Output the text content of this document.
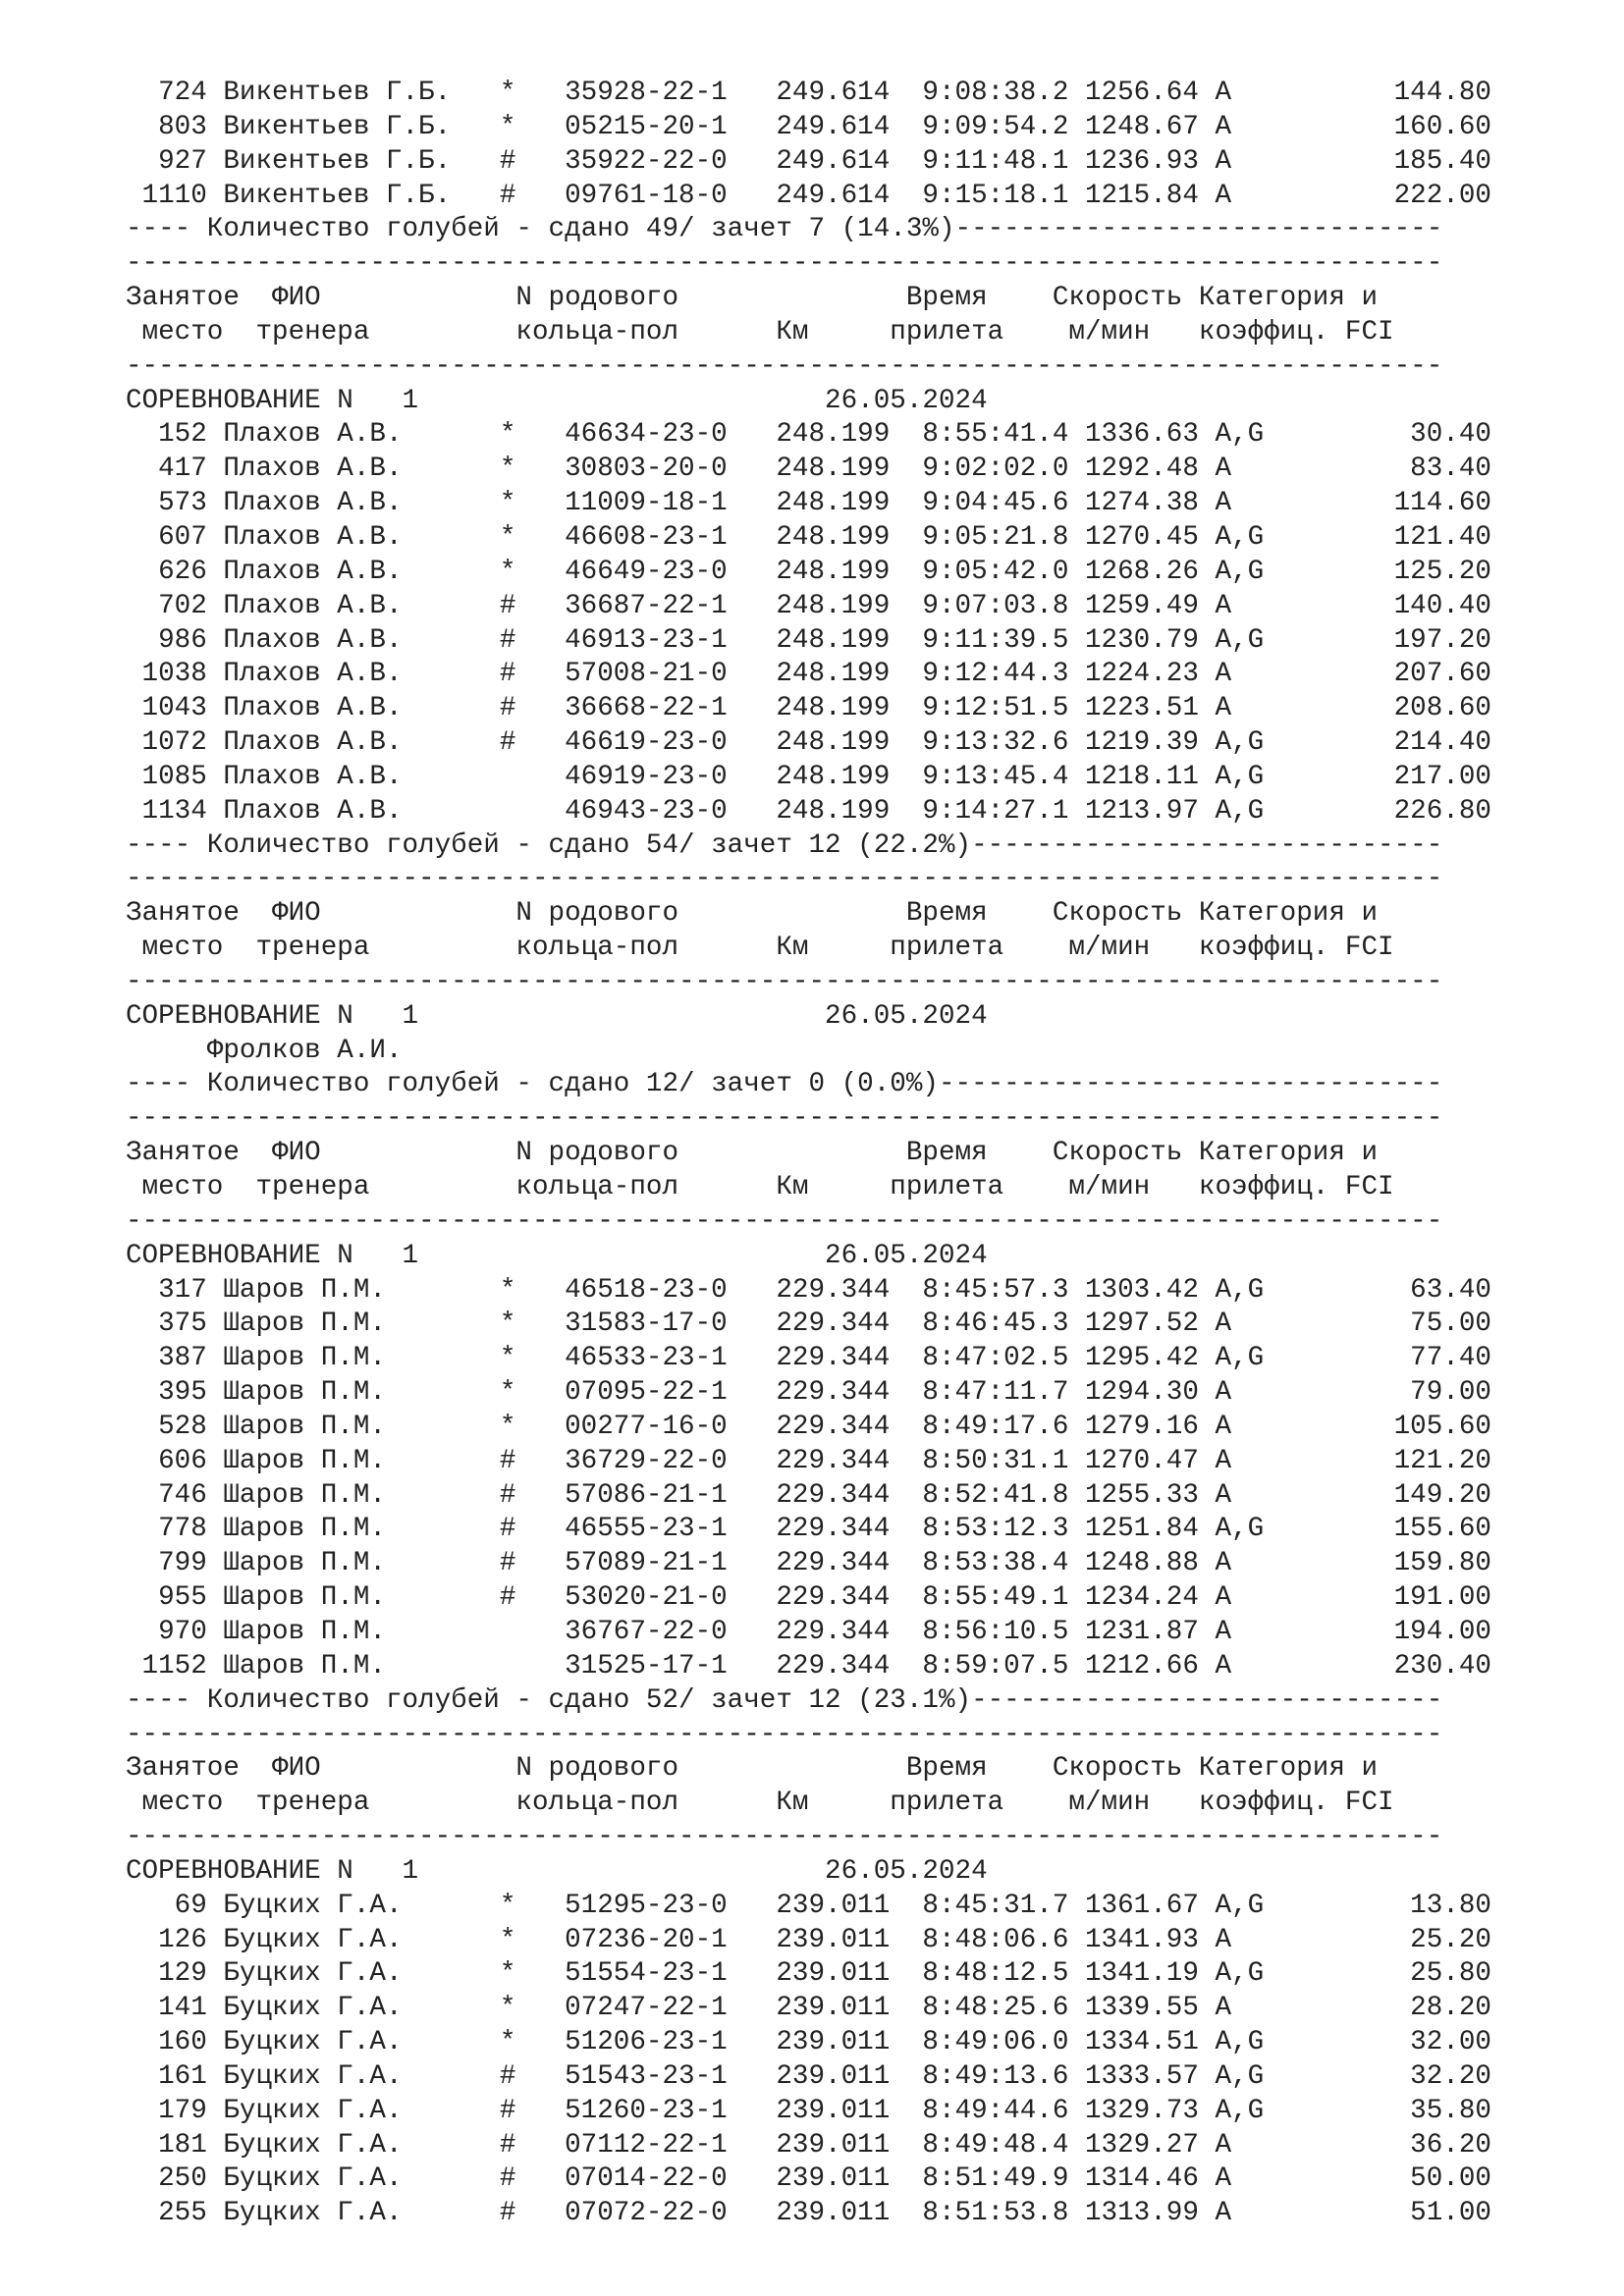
724 Викентьев Г.Б.   *   35928-22-1   249.614  9:08:38.2 1256.64 A          144.80
803 Викентьев Г.Б.   *   05215-20-1   249.614  9:09:54.2 1248.67 A          160.60
927 Викентьев Г.Б.   #   35922-22-0   249.614  9:11:48.1 1236.93 A          185.40
1110 Викентьев Г.Б.   #   09761-18-0   249.614  9:15:18.1 1215.84 A          222.00
---- Количество голубей - сдано 49/ зачет 7 (14.3%)------------------------------
---------------------------------------------------------------------------------
Занятое  ФИО            N родового              Время    Скорость Категория и
место  тренера         кольца-пол      Км     прилета    м/мин   коэффиц. FCI
---------------------------------------------------------------------------------
СОРЕВНОВАНИЕ N   1                         26.05.2024
152 Плахов А.В.      *   46634-23-0   248.199  8:55:41.4 1336.63 A,G         30.40
417 Плахов А.В.      *   30803-20-0   248.199  9:02:02.0 1292.48 A           83.40
573 Плахов А.В.      *   11009-18-1   248.199  9:04:45.6 1274.38 A          114.60
607 Плахов А.В.      *   46608-23-1   248.199  9:05:21.8 1270.45 A,G        121.40
626 Плахов А.В.      *   46649-23-0   248.199  9:05:42.0 1268.26 A,G        125.20
702 Плахов А.В.      #   36687-22-1   248.199  9:07:03.8 1259.49 A          140.40
986 Плахов А.В.      #   46913-23-1   248.199  9:11:39.5 1230.79 A,G        197.20
1038 Плахов А.В.      #   57008-21-0   248.199  9:12:44.3 1224.23 A          207.60
1043 Плахов А.В.      #   36668-22-1   248.199  9:12:51.5 1223.51 A          208.60
1072 Плахов А.В.      #   46619-23-0   248.199  9:13:32.6 1219.39 A,G        214.40
1085 Плахов А.В.          46919-23-0   248.199  9:13:45.4 1218.11 A,G        217.00
1134 Плахов А.В.          46943-23-0   248.199  9:14:27.1 1213.97 A,G        226.80
---- Количество голубей - сдано 54/ зачет 12 (22.2%)-----------------------------
---------------------------------------------------------------------------------
Занятое  ФИО            N родового              Время    Скорость Категория и
место  тренера         кольца-пол      Км     прилета    м/мин   коэффиц. FCI
---------------------------------------------------------------------------------
СОРЕВНОВАНИЕ N   1                         26.05.2024
Фролков А.И.
---- Количество голубей - сдано 12/ зачет 0 (0.0%)-------------------------------
---------------------------------------------------------------------------------
Занятое  ФИО            N родового              Время    Скорость Категория и
место  тренера         кольца-пол      Км     прилета    м/мин   коэффиц. FCI
---------------------------------------------------------------------------------
СОРЕВНОВАНИЕ N   1                         26.05.2024
317 Шаров П.М.       *   46518-23-0   229.344  8:45:57.3 1303.42 A,G         63.40
375 Шаров П.М.       *   31583-17-0   229.344  8:46:45.3 1297.52 A           75.00
387 Шаров П.М.       *   46533-23-1   229.344  8:47:02.5 1295.42 A,G         77.40
395 Шаров П.М.       *   07095-22-1   229.344  8:47:11.7 1294.30 A           79.00
528 Шаров П.М.       *   00277-16-0   229.344  8:49:17.6 1279.16 A          105.60
606 Шаров П.М.       #   36729-22-0   229.344  8:50:31.1 1270.47 A          121.20
746 Шаров П.М.       #   57086-21-1   229.344  8:52:41.8 1255.33 A          149.20
778 Шаров П.М.       #   46555-23-1   229.344  8:53:12.3 1251.84 A,G        155.60
799 Шаров П.М.       #   57089-21-1   229.344  8:53:38.4 1248.88 A          159.80
955 Шаров П.М.       #   53020-21-0   229.344  8:55:49.1 1234.24 A          191.00
970 Шаров П.М.           36767-22-0   229.344  8:56:10.5 1231.87 A          194.00
1152 Шаров П.М.           31525-17-1   229.344  8:59:07.5 1212.66 A          230.40
---- Количество голубей - сдано 52/ зачет 12 (23.1%)-----------------------------
---------------------------------------------------------------------------------
Занятое  ФИО            N родового              Время    Скорость Категория и
место  тренера         кольца-пол      Км     прилета    м/мин   коэффиц. FCI
---------------------------------------------------------------------------------
СОРЕВНОВАНИЕ N   1                         26.05.2024
69 Буцких Г.А.      *   51295-23-0   239.011  8:45:31.7 1361.67 A,G         13.80
126 Буцких Г.А.      *   07236-20-1   239.011  8:48:06.6 1341.93 A           25.20
129 Буцких Г.А.      *   51554-23-1   239.011  8:48:12.5 1341.19 A,G         25.80
141 Буцких Г.А.      *   07247-22-1   239.011  8:48:25.6 1339.55 A           28.20
160 Буцких Г.А.      *   51206-23-1   239.011  8:49:06.0 1334.51 A,G         32.00
161 Буцких Г.А.      #   51543-23-1   239.011  8:49:13.6 1333.57 A,G         32.20
179 Буцких Г.А.      #   51260-23-1   239.011  8:49:44.6 1329.73 A,G         35.80
181 Буцких Г.А.      #   07112-22-1   239.011  8:49:48.4 1329.27 A           36.20
250 Буцких Г.А.      #   07014-22-0   239.011  8:51:49.9 1314.46 A           50.00
255 Буцких Г.А.      #   07072-22-0   239.011  8:51:53.8 1313.99 A           51.00
